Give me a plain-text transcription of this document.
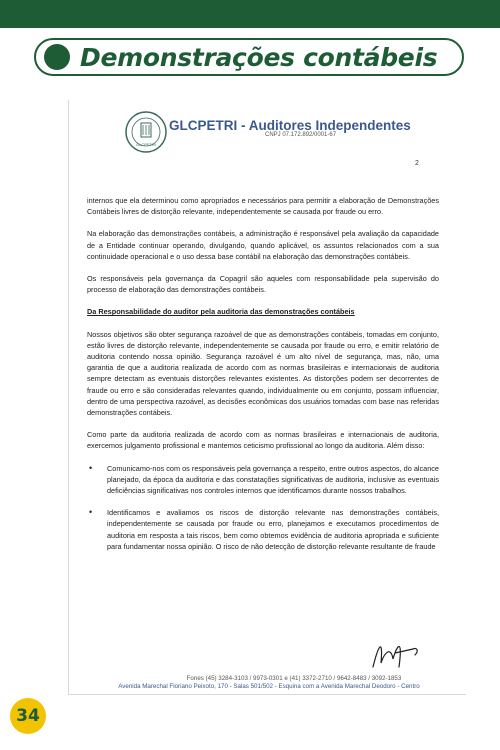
Demonstrações contábeis
GLCPETRI
GLCPETRI - Auditores Independentes
CNPJ 07.172.892/0001-67
2

internos que ela determinou como apropriados e necessários para permitir a elaboração de Demonstrações Contábeis livres de distorção relevante, independentemente se causada por fraude ou erro.

Na elaboração das demonstrações contábeis, a administração é responsável pela avaliação da capacidade de a Entidade continuar operando, divulgando, quando aplicável, os assuntos relacionados com a sua continuidade operacional e o uso dessa base contábil na elaboração das demonstrações contábeis.

Os responsáveis pela governança da Copagril são aqueles com responsabilidade pela supervisão do processo de elaboração das demonstrações contábeis.

Da Responsabilidade do auditor pela auditoria das demonstrações contábeis

Nossos objetivos são obter segurança razoável de que as demonstrações contábeis, tomadas em conjunto, estão livres de distorção relevante, independentemente se causada por fraude ou erro, e emitir relatório de auditoria contendo nossa opinião. Segurança razoável é um alto nível de segurança, mas, não, uma garantia de que a auditoria realizada de acordo com as normas brasileiras e internacionais de auditoria sempre detectam as eventuais distorções relevantes existentes. As distorções podem ser decorrentes de fraude ou erro e são consideradas relevantes quando, individualmente ou em conjunto, possam influenciar, dentro de uma perspectiva razoável, as decisões econômicas dos usuários tomadas com base nas referidas demonstrações contábeis.

Como parte da auditoria realizada de acordo com as normas brasileiras e internacionais de auditoria, exercemos julgamento profissional e mantemos ceticismo profissional ao longo da auditoria. Além disso:

• Comunicamo-nos com os responsáveis pela governança a respeito, entre outros aspectos, do alcance planejado, da época da auditoria e das constatações significativas de auditoria, inclusive as eventuais deficiências significativas nos controles internos que identificamos durante nossos trabalhos.
• Identificamos e avaliamos os riscos de distorção relevante nas demonstrações contábeis, independentemente se causada por fraude ou erro, planejamos e executamos procedimentos de auditoria em resposta a tais riscos, bem como obtemos evidência de auditoria apropriada e suficiente para fundamentar nossa opinião. O risco de não detecção de distorção relevante resultante de fraude
Fones (45) 3284-3103 / 9973-0301 e (41) 3372-2710 / 9642-8483 / 3092-1853
Avenida Marechal Floriano Peixoto, 170 - Salas 501/502 - Esquina com a Avenida Marechal Deodoro - Centro
34
